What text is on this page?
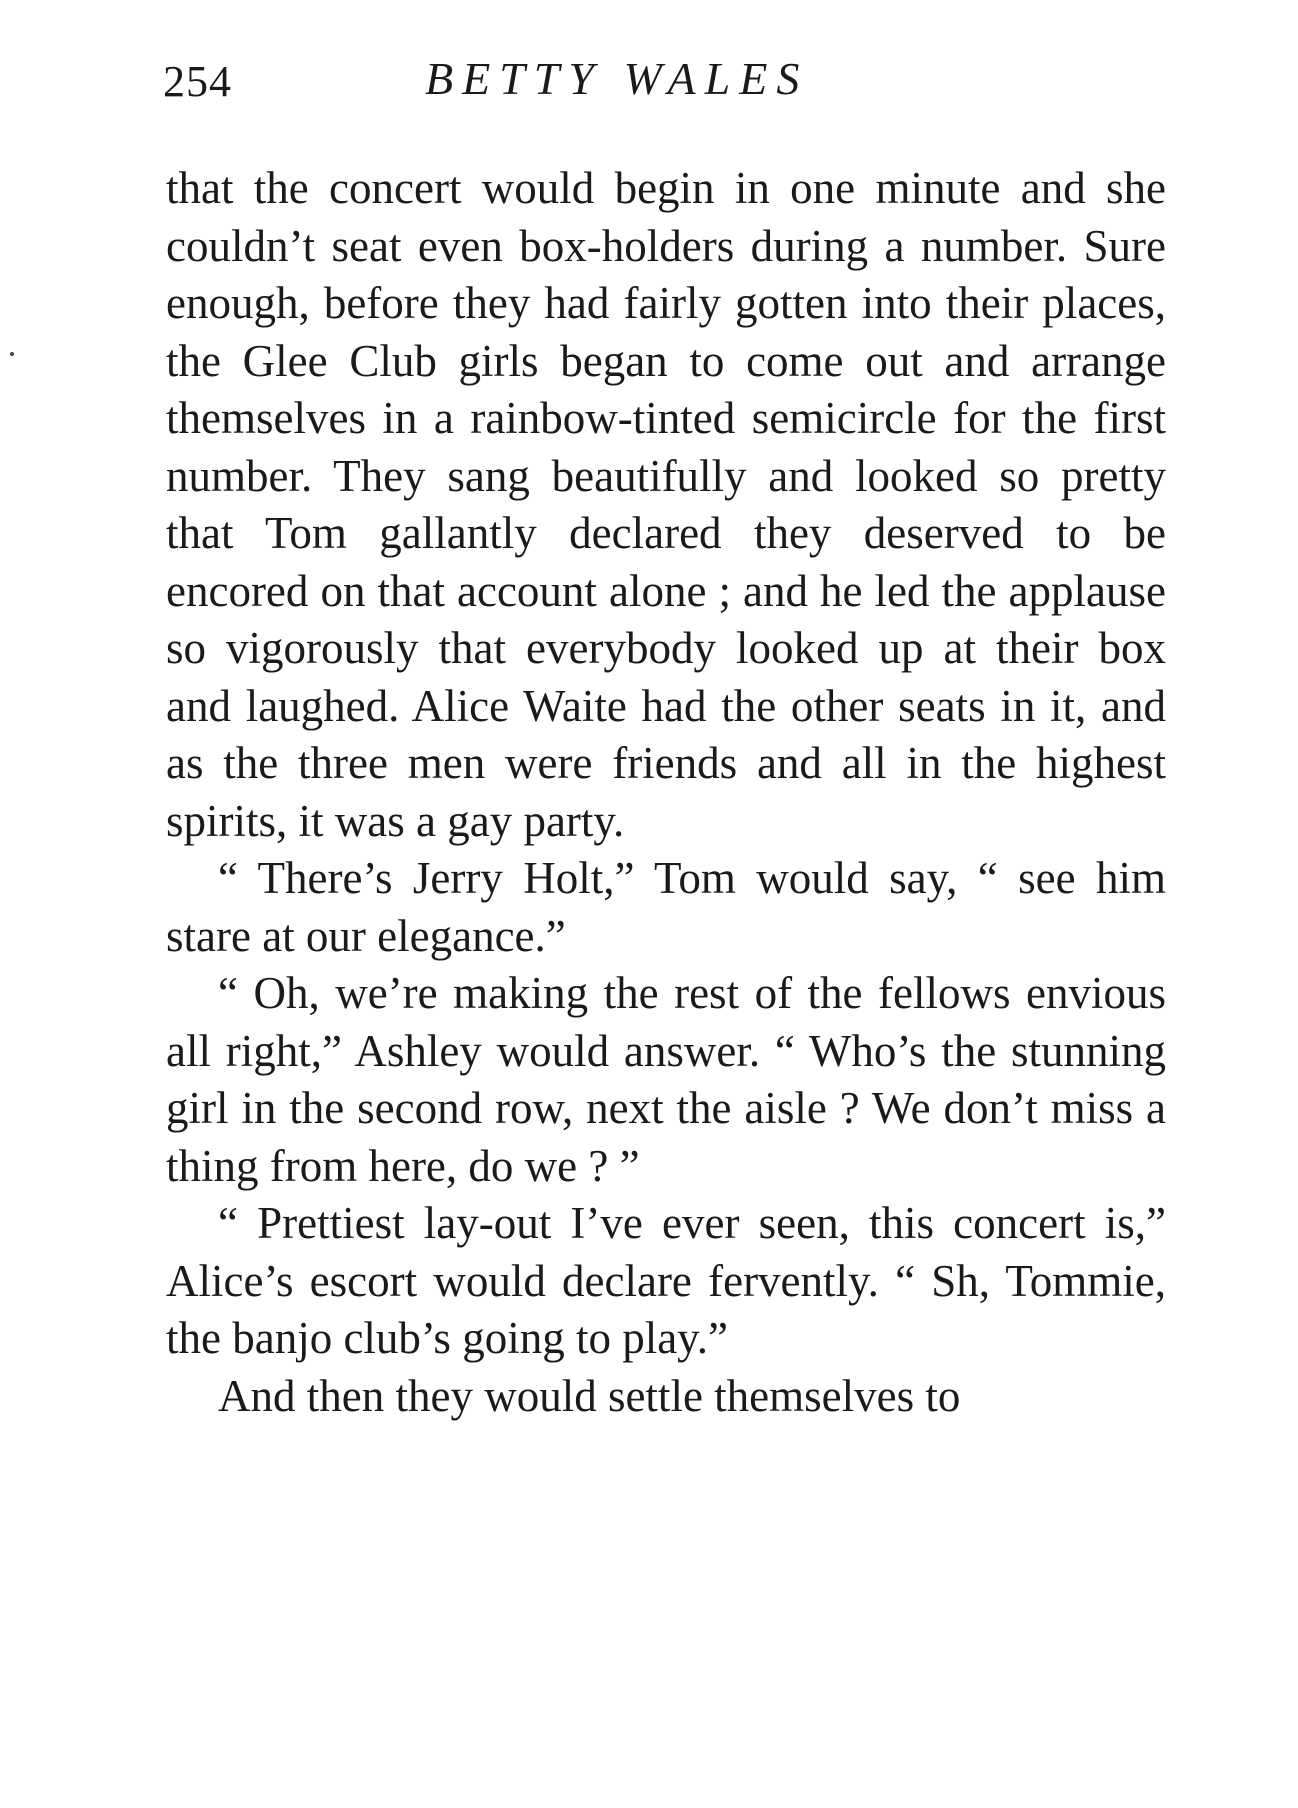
254	BETTY WALES

that the concert would begin in one minute and she couldn’t seat even box-holders during a number. Sure enough, before they had fairly gotten into their places, the Glee Club girls began to come out and arrange themselves in a rainbow-tinted semicircle for the first number. They sang beautifully and looked so pretty that Tom gallantly declared they deserved to be encored on that account alone ; and he led the applause so vigorously that everybody looked up at their box and laughed. Alice Waite had the other seats in it, and as the three men were friends and all in the highest spirits, it was a gay party.

“ There’s Jerry Holt,” Tom would say, “ see him stare at our elegance.”

“ Oh, we’re making the rest of the fellows envious all right,” Ashley would answer. “ Who’s the stunning girl in the second row, next the aisle ? We don’t miss a thing from here, do we ? ”

“ Prettiest lay-out I’ve ever seen, this concert is,” Alice’s escort would declare fervently. “ Sh, Tommie, the banjo club’s going to play.”

And then they would settle themselves to
